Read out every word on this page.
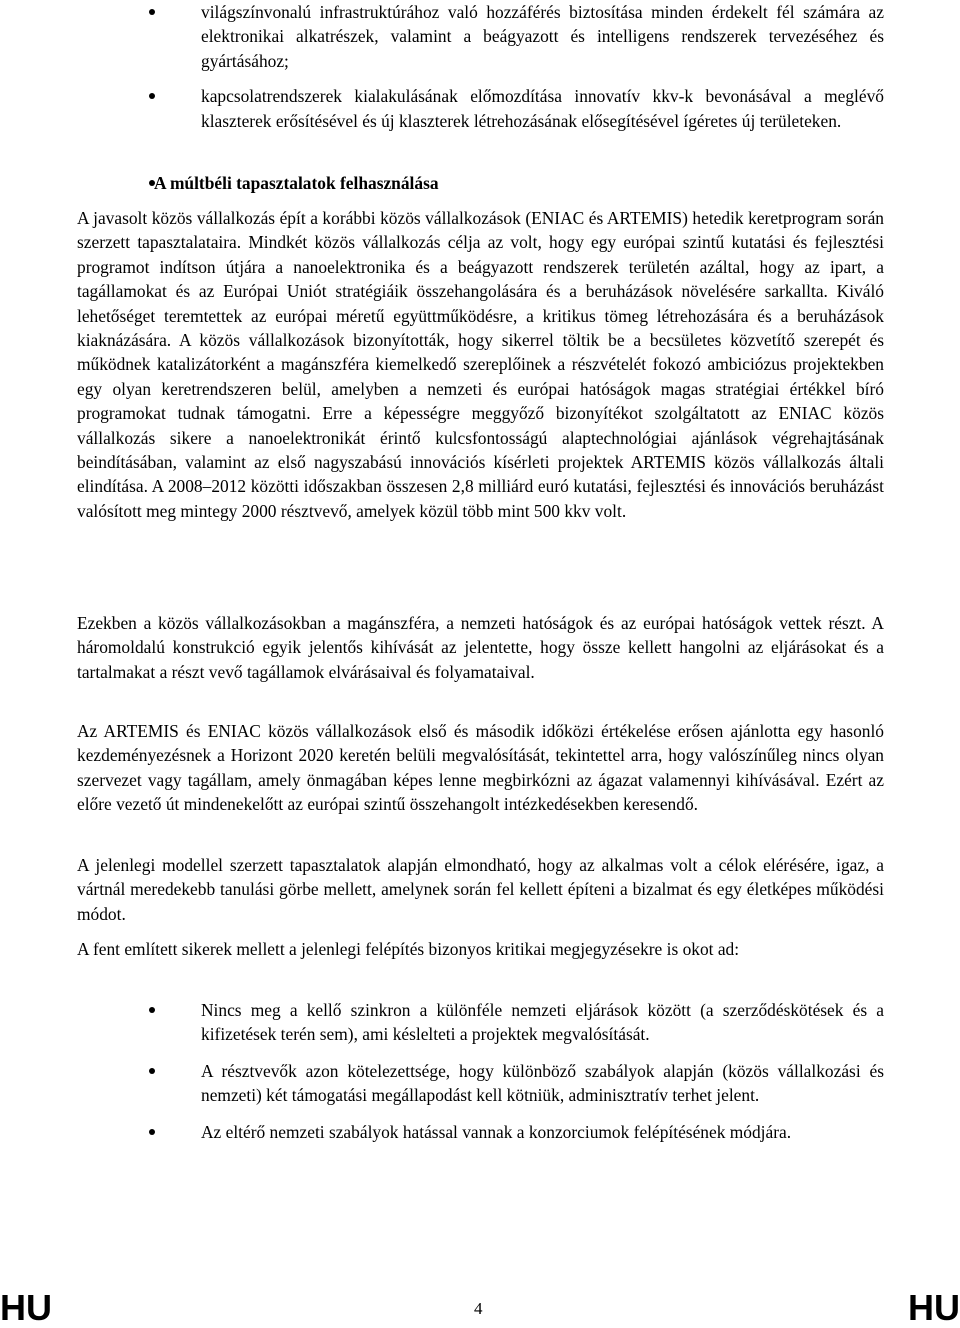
világszínvonalú infrastruktúrához való hozzáférés biztosítása minden érdekelt fél számára az elektronikai alkatrészek, valamint a beágyazott és intelligens rendszerek tervezéséhez és gyártásához;
kapcsolatrendszerek kialakulásának előmozdítása innovatív kkv-k bevonásával a meglévő klaszterek erősítésével és új klaszterek létrehozásának elősegítésével ígéretes új területeken.
A múltbéli tapasztalatok felhasználása

A javasolt közös vállalkozás épít a korábbi közös vállalkozások (ENIAC és ARTEMIS) hetedik keretprogram során szerzett tapasztalataira. Mindkét közös vállalkozás célja az volt, hogy egy európai szintű kutatási és fejlesztési programot indítson útjára a nanoelektronika és a beágyazott rendszerek területén azáltal, hogy az ipart, a tagállamokat és az Európai Uniót stratégiáik összehangolására és a beruházások növelésére sarkallta. Kiváló lehetőséget teremtettek az európai méretű együttműködésre, a kritikus tömeg létrehozására és a beruházások kiaknázására. A közös vállalkozások bizonyították, hogy sikerrel töltik be a becsületes közvetítő szerepét és működnek katalizátorként a magánszféra kiemelkedő szereplőinek a részvételét fokozó ambiciózus projektekben egy olyan keretrendszeren belül, amelyben a nemzeti és európai hatóságok magas stratégiai értékkel bíró programokat tudnak támogatni. Erre a képességre meggyőző bizonyítékot szolgáltatott az ENIAC közös vállalkozás sikere a nanoelektronikát érintő kulcsfontosságú alaptechnológiai ajánlások végrehajtásának beindításában, valamint az első nagyszabású innovációs kísérleti projektek ARTEMIS közös vállalkozás általi elindítása. A 2008–2012 közötti időszakban összesen 2,8 milliárd euró kutatási, fejlesztési és innovációs beruházást valósított meg mintegy 2000 résztvevő, amelyek közül több mint 500 kkv volt.

Ezekben a közös vállalkozásokban a magánszféra, a nemzeti hatóságok és az európai hatóságok vettek részt. A háromoldalú konstrukció egyik jelentős kihívását az jelentette, hogy össze kellett hangolni az eljárásokat és a tartalmakat a részt vevő tagállamok elvárásaival és folyamataival.

Az ARTEMIS és ENIAC közös vállalkozások első és második időközi értékelése erősen ajánlotta egy hasonló kezdeményezésnek a Horizont 2020 keretén belüli megvalósítását, tekintettel arra, hogy valószínűleg nincs olyan szervezet vagy tagállam, amely önmagában képes lenne megbirkózni az ágazat valamennyi kihívásával. Ezért az előre vezető út mindenekelőtt az európai szintű összehangolt intézkedésekben keresendő.

A jelenlegi modellel szerzett tapasztalatok alapján elmondható, hogy az alkalmas volt a célok elérésére, igaz, a vártnál meredekebb tanulási görbe mellett, amelynek során fel kellett építeni a bizalmat és egy életképes működési módot.

A fent említett sikerek mellett a jelenlegi felépítés bizonyos kritikai megjegyzésekre is okot ad:

Nincs meg a kellő szinkron a különféle nemzeti eljárások között (a szerződéskötések és a kifizetések terén sem), ami késlelteti a projektek megvalósítását.
A résztvevők azon kötelezettsége, hogy különböző szabályok alapján (közös vállalkozási és nemzeti) két támogatási megállapodást kell kötniük, adminisztratív terhet jelent.
Az eltérő nemzeti szabályok hatással vannak a konzorciumok felépítésének módjára.
HU	4	HU
